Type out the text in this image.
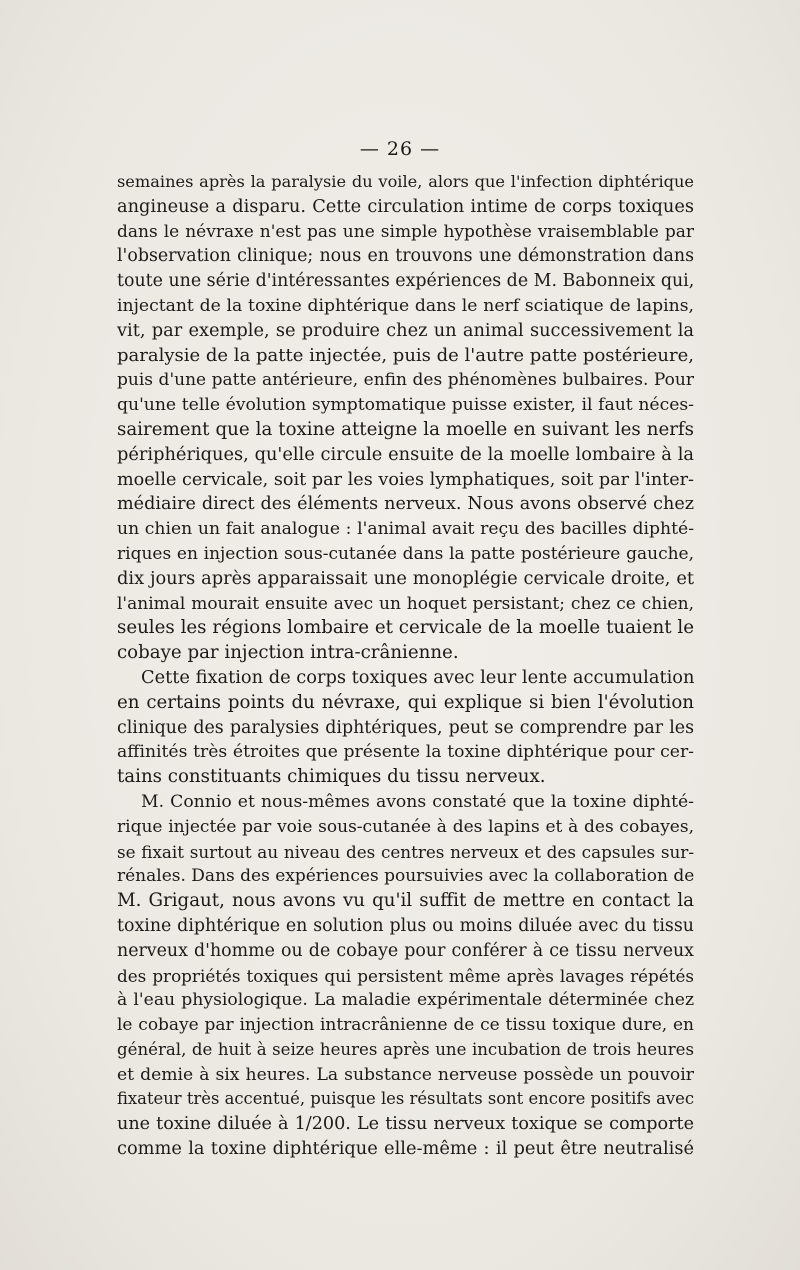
— 26 —
semaines après la paralysie du voile, alors que l'infection diphtérique
angineuse a disparu. Cette circulation intime de corps toxiques
dans le névraxe n'est pas une simple hypothèse vraisemblable par
l'observation clinique; nous en trouvons une démonstration dans
toute une série d'intéressantes expériences de M. Babonneix qui,
injectant de la toxine diphtérique dans le nerf sciatique de lapins,
vit, par exemple, se produire chez un animal successivement la
paralysie de la patte injectée, puis de l'autre patte postérieure,
puis d'une patte antérieure, enfin des phénomènes bulbaires. Pour
qu'une telle évolution symptomatique puisse exister, il faut néces-
sairement que la toxine atteigne la moelle en suivant les nerfs
périphériques, qu'elle circule ensuite de la moelle lombaire à la
moelle cervicale, soit par les voies lymphatiques, soit par l'inter-
médiaire direct des éléments nerveux. Nous avons observé chez
un chien un fait analogue : l'animal avait reçu des bacilles diphté-
riques en injection sous-cutanée dans la patte postérieure gauche,
dix jours après apparaissait une monoplégie cervicale droite, et
l'animal mourait ensuite avec un hoquet persistant; chez ce chien,
seules les régions lombaire et cervicale de la moelle tuaient le
cobaye par injection intra-crânienne.
Cette fixation de corps toxiques avec leur lente accumulation
en certains points du névraxe, qui explique si bien l'évolution
clinique des paralysies diphtériques, peut se comprendre par les
affinités très étroites que présente la toxine diphtérique pour cer-
tains constituants chimiques du tissu nerveux.
M. Connio et nous-mêmes avons constaté que la toxine diphté-
rique injectée par voie sous-cutanée à des lapins et à des cobayes,
se fixait surtout au niveau des centres nerveux et des capsules sur-
rénales. Dans des expériences poursuivies avec la collaboration de
M. Grigaut, nous avons vu qu'il suffit de mettre en contact la
toxine diphtérique en solution plus ou moins diluée avec du tissu
nerveux d'homme ou de cobaye pour conférer à ce tissu nerveux
des propriétés toxiques qui persistent même après lavages répétés
à l'eau physiologique. La maladie expérimentale déterminée chez
le cobaye par injection intracrânienne de ce tissu toxique dure, en
général, de huit à seize heures après une incubation de trois heures
et demie à six heures. La substance nerveuse possède un pouvoir
fixateur très accentué, puisque les résultats sont encore positifs avec
une toxine diluée à 1/200. Le tissu nerveux toxique se comporte
comme la toxine diphtérique elle-même : il peut être neutralisé
